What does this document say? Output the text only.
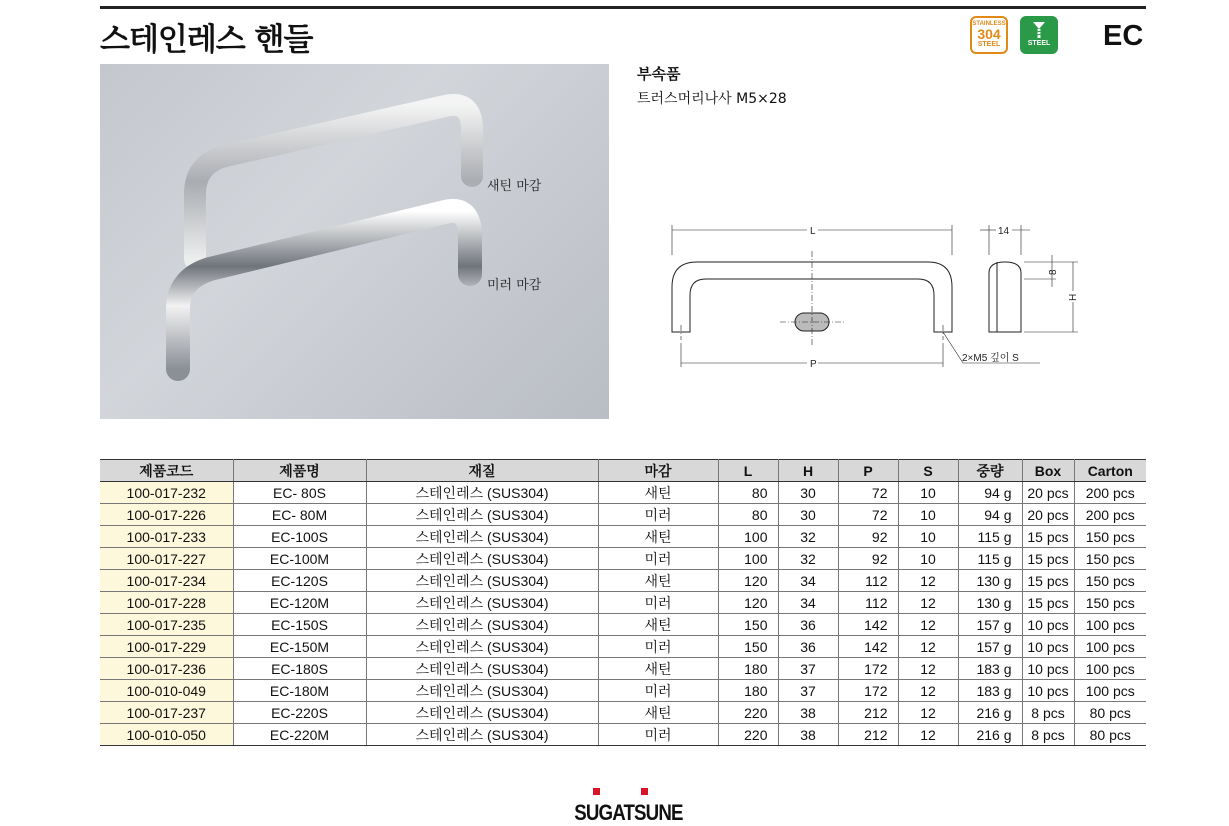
스테인레스 핸들	STAINLESS
304
STEEL	STEEL EC
새틴 마감
미러 마감
부속품
트러스머리나사 M5×28
L
P
14
8
H
2×M5 깊이 S
제품코드	제품명	재질	마감	L	H	P	S	중량	Box	Carton
100-017-232	EC- 80S	스테인레스 (SUS304)	새틴	80	30	72	10	94 g	20 pcs	200 pcs
100-017-226	EC- 80M	스테인레스 (SUS304)	미러	80	30	72	10	94 g	20 pcs	200 pcs
100-017-233	EC-100S	스테인레스 (SUS304)	새틴	100	32	92	10	115 g	15 pcs	150 pcs
100-017-227	EC-100M	스테인레스 (SUS304)	미러	100	32	92	10	115 g	15 pcs	150 pcs
100-017-234	EC-120S	스테인레스 (SUS304)	새틴	120	34	112	12	130 g	15 pcs	150 pcs
100-017-228	EC-120M	스테인레스 (SUS304)	미러	120	34	112	12	130 g	15 pcs	150 pcs
100-017-235	EC-150S	스테인레스 (SUS304)	새틴	150	36	142	12	157 g	10 pcs	100 pcs
100-017-229	EC-150M	스테인레스 (SUS304)	미러	150	36	142	12	157 g	10 pcs	100 pcs
100-017-236	EC-180S	스테인레스 (SUS304)	새틴	180	37	172	12	183 g	10 pcs	100 pcs
100-010-049	EC-180M	스테인레스 (SUS304)	미러	180	37	172	12	183 g	10 pcs	100 pcs
100-017-237	EC-220S	스테인레스 (SUS304)	새틴	220	38	212	12	216 g	8 pcs	80 pcs
100-010-050	EC-220M	스테인레스 (SUS304)	미러	220	38	212	12	216 g	8 pcs	80 pcs
SUGATSUNE
